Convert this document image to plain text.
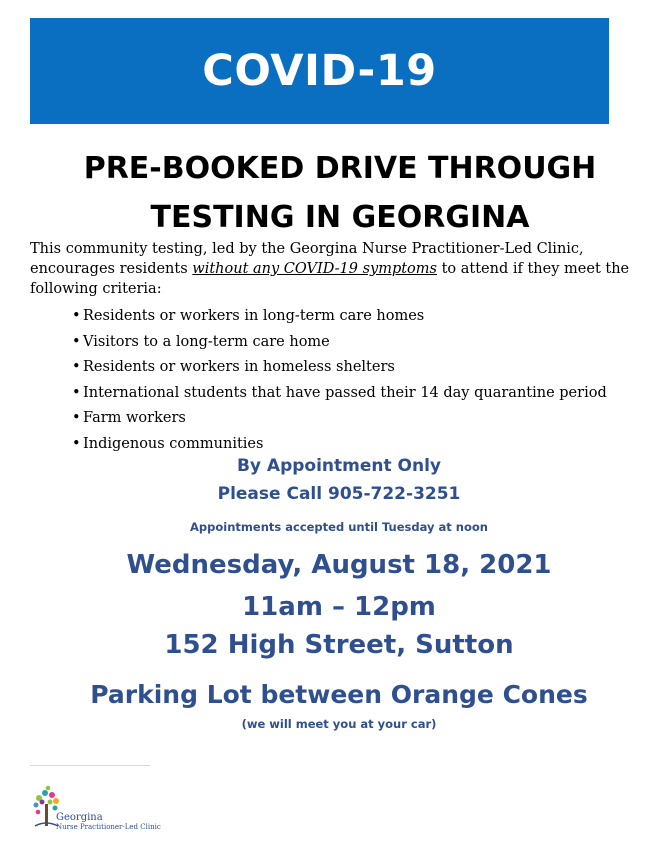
COVID-19
PRE-BOOKED DRIVE THROUGH
TESTING IN GEORGINA
This community testing, led by the Georgina Nurse Practitioner-Led Clinic, encourages residents without any COVID-19 symptoms to attend if they meet the following criteria:
• Residents or workers in long-term care homes
• Visitors to a long-term care home
• Residents or workers in homeless shelters
• International students that have passed their 14 day quarantine period
• Farm workers
• Indigenous communities
By Appointment Only
Please Call 905-722-3251
Appointments accepted until Tuesday at noon
Wednesday, August 18, 2021
11am – 12pm
152 High Street, Sutton
Parking Lot between Orange Cones
(we will meet you at your car)
Georgina
Nurse Practitioner-Led Clinic
